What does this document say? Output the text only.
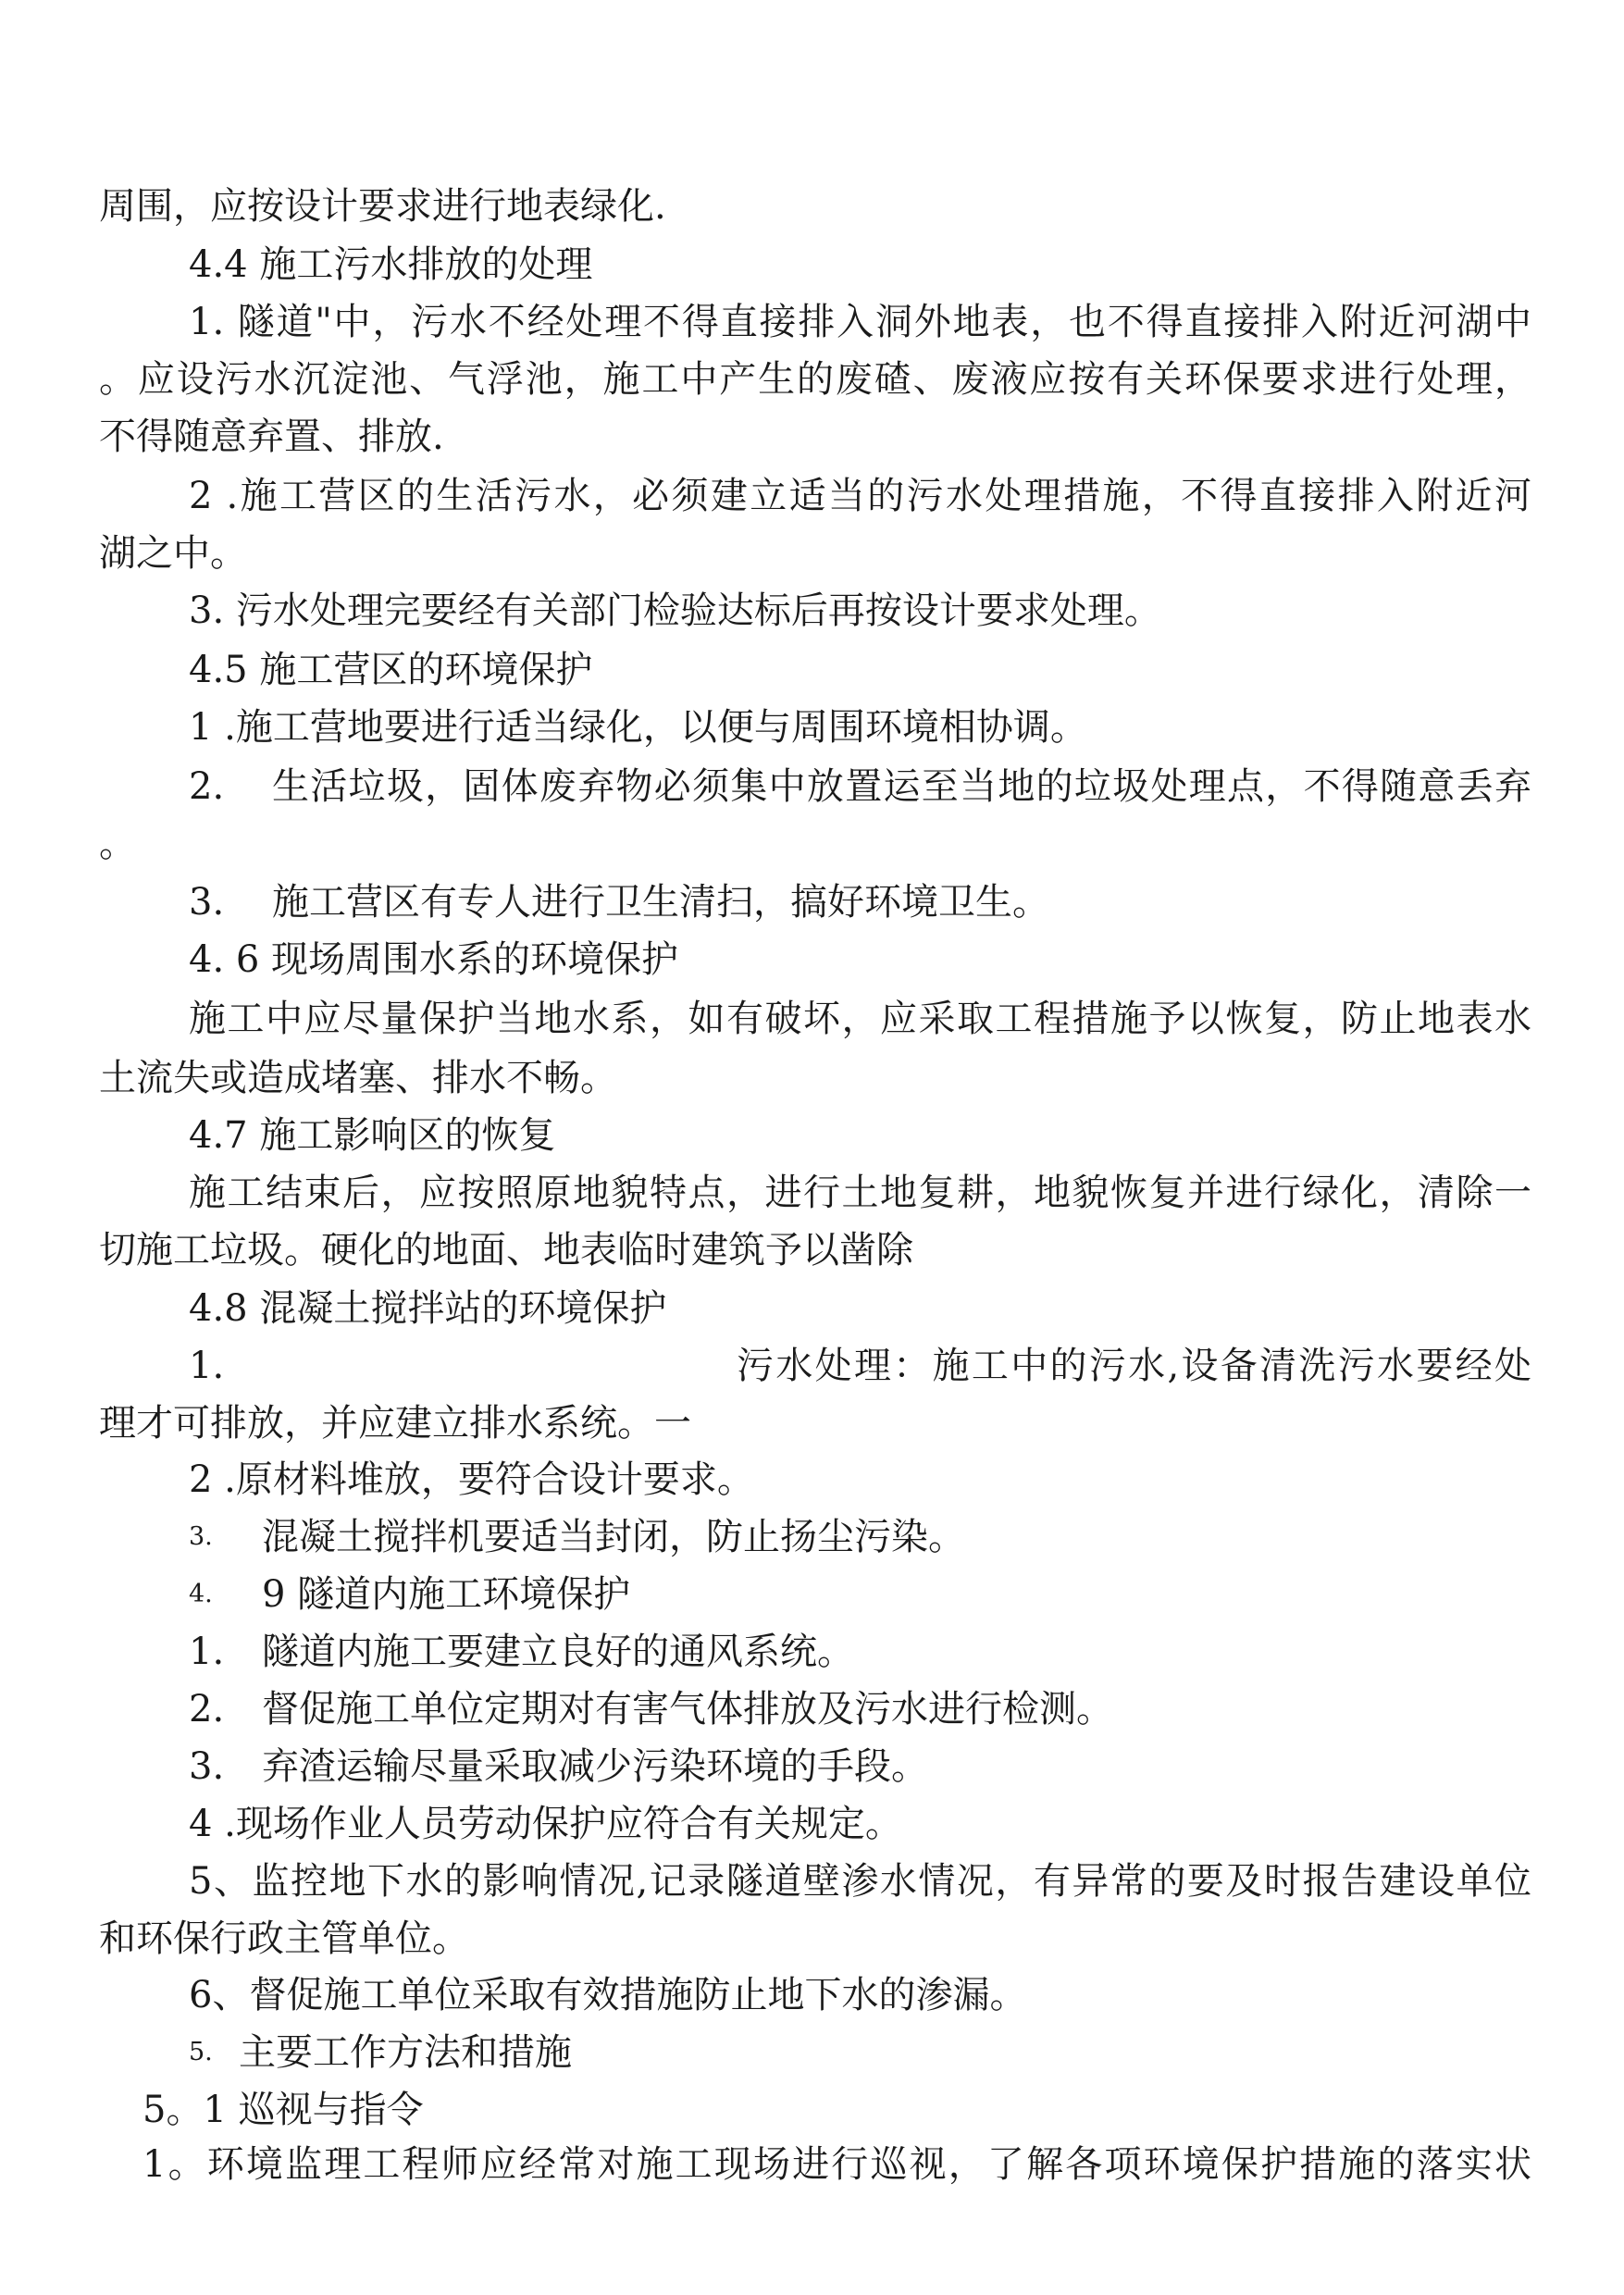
周围，应按设计要求进行地表绿化.
4.4 施工污水排放的处理
1. 隧道"中，污水不经处理不得直接排入洞外地表，也不得直接排入附近河湖中
。应设污水沉淀池、气浮池，施工中产生的废碴、废液应按有关环保要求进行处理，
不得随意弃置、排放.
2 .施工营区的生活污水，必须建立适当的污水处理措施，不得直接排入附近河
湖之中。
3. 污水处理完要经有关部门检验达标后再按设计要求处理。
4.5 施工营区的环境保护
1 .施工营地要进行适当绿化，以便与周围环境相协调。
2. 生活垃圾，固体废弃物必须集中放置运至当地的垃圾处理点，不得随意丢弃
。
3. 施工营区有专人进行卫生清扫，搞好环境卫生。
4. 6 现场周围水系的环境保护
施工中应尽量保护当地水系，如有破坏，应采取工程措施予以恢复，防止地表水
土流失或造成堵塞、排水不畅。
4.7 施工影响区的恢复
施工结束后，应按照原地貌特点，进行土地复耕，地貌恢复并进行绿化，清除一
切施工垃圾。硬化的地面、地表临时建筑予以凿除
4.8 混凝土搅拌站的环境保护
1.	污水处理：施工中的污水,设备清洗污水要经处
理才可排放，并应建立排水系统。一
2 .原材料堆放，要符合设计要求。
3. 混凝土搅拌机要适当封闭，防止扬尘污染。
4. 9 隧道内施工环境保护
1. 隧道内施工要建立良好的通风系统。
2. 督促施工单位定期对有害气体排放及污水进行检测。
3. 弃渣运输尽量采取减少污染环境的手段。
4 .现场作业人员劳动保护应符合有关规定。
5、监控地下水的影响情况,记录隧道壁渗水情况，有异常的要及时报告建设单位
和环保行政主管单位。
6、督促施工单位采取有效措施防止地下水的渗漏。
5. 主要工作方法和措施
5。1 巡视与指令
1。环境监理工程师应经常对施工现场进行巡视，了解各项环境保护措施的落实状
